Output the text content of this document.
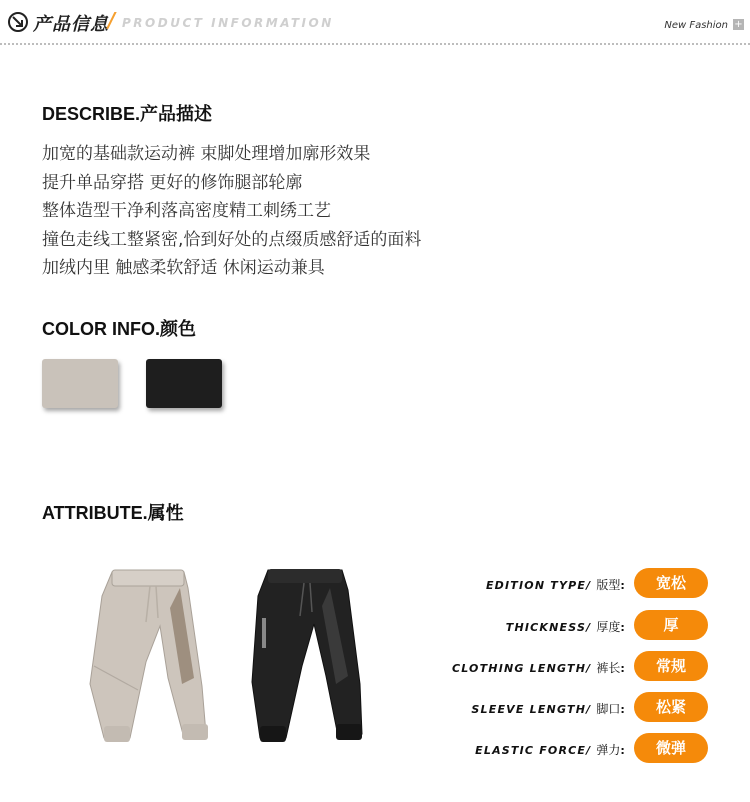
产品信息 / PRODUCT INFORMATION	New Fashion +
DESCRIBE.产品描述
加宽的基础款运动裤 束脚处理增加廓形效果
提升单品穿搭 更好的修饰腿部轮廓
整体造型干净利落高密度精工刺绣工艺
撞色走线工整紧密,恰到好处的点缀质感舒适的面料
加绒内里 触感柔软舒适 休闲运动兼具
COLOR INFO.颜色
ATTRIBUTE.属性
EDITION TYPE/ 版型:	宽松
THICKNESS/ 厚度:	厚
CLOTHING LENGTH/ 裤长:	常规
SLEEVE LENGTH/ 脚口:	松紧
ELASTIC FORCE/ 弹力:	微弹
